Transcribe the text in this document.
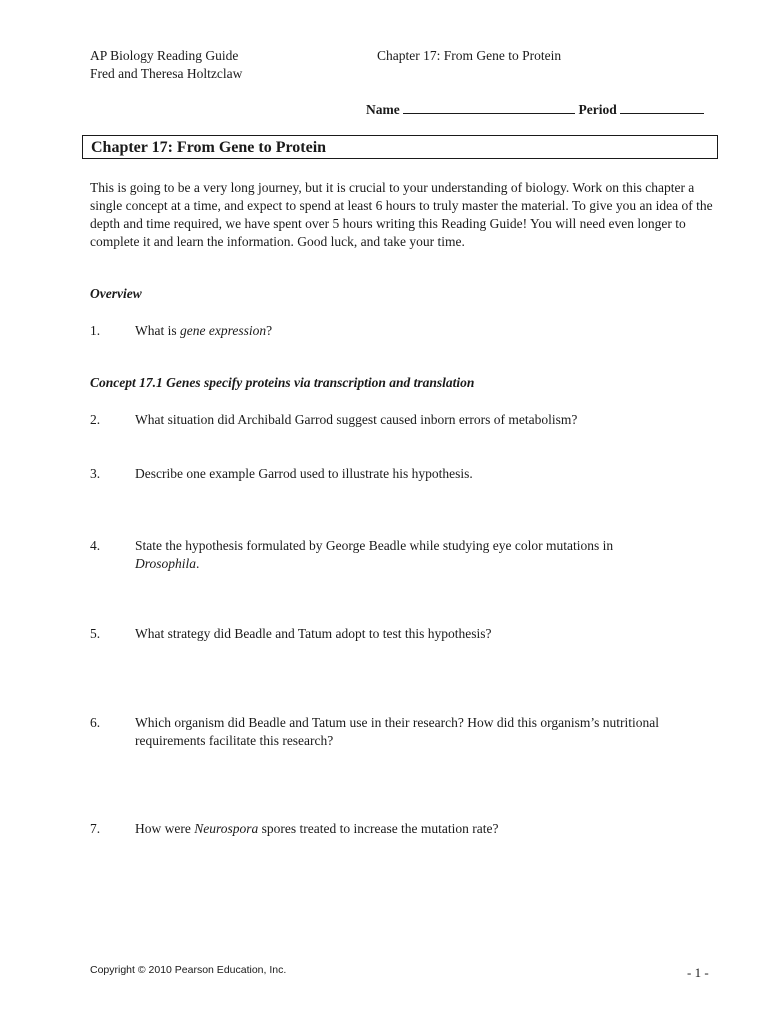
AP Biology Reading Guide
Fred and Theresa Holtzclaw
Chapter 17: From Gene to Protein
Name	Period
Chapter 17: From Gene to Protein
This is going to be a very long journey, but it is crucial to your understanding of biology. Work on this chapter a single concept at a time, and expect to spend at least 6 hours to truly master the material. To give you an idea of the depth and time required, we have spent over 5 hours writing this Reading Guide! You will need even longer to complete it and learn the information. Good luck, and take your time.
Overview
1.	What is gene expression?
Concept 17.1 Genes specify proteins via transcription and translation
2.	What situation did Archibald Garrod suggest caused inborn errors of metabolism?
3.	Describe one example Garrod used to illustrate his hypothesis.
4.	State the hypothesis formulated by George Beadle while studying eye color mutations in Drosophila.
5.	What strategy did Beadle and Tatum adopt to test this hypothesis?
6.	Which organism did Beadle and Tatum use in their research? How did this organism’s nutritional requirements facilitate this research?
7.	How were Neurospora spores treated to increase the mutation rate?
Copyright © 2010 Pearson Education, Inc.	- 1 -
